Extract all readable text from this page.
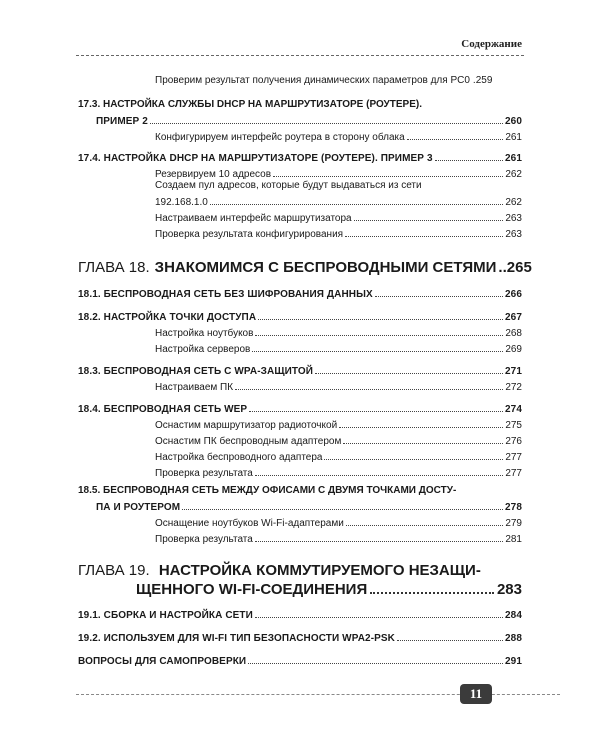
Содержание
Проверим результат получения динамических параметров для PC0 .259
17.3. НАСТРОЙКА СЛУЖБЫ DHCP НА МАРШРУТИЗАТОРЕ (РОУТЕРЕ).
ПРИМЕР 2	260
Конфигурируем интерфейс роутера в сторону облака	261
17.4. НАСТРОЙКА DHCP НА МАРШРУТИЗАТОРЕ (РОУТЕРЕ). ПРИМЕР 3	261
Резервируем 10 адресов	262
Создаем пул адресов, которые будут выдаваться из сети
192.168.1.0	262
Настраиваем интерфейс маршрутизатора	263
Проверка результата конфигурирования	263
ГЛАВА 18. ЗНАКОМИМСЯ С БЕСПРОВОДНЫМИ СЕТЯМИ ..265
18.1. БЕСПРОВОДНАЯ СЕТЬ БЕЗ ШИФРОВАНИЯ ДАННЫХ	266
18.2. НАСТРОЙКА ТОЧКИ ДОСТУПА	267
Настройка ноутбуков	268
Настройка серверов	269
18.3. БЕСПРОВОДНАЯ СЕТЬ С WPA-ЗАЩИТОЙ	271
Настраиваем ПК	272
18.4. БЕСПРОВОДНАЯ СЕТЬ WEP	274
Оснастим маршрутизатор радиоточкой	275
Оснастим ПК беспроводным адаптером	276
Настройка беспроводного адаптера	277
Проверка результата	277
18.5. БЕСПРОВОДНАЯ СЕТЬ МЕЖДУ ОФИСАМИ С ДВУМЯ ТОЧКАМИ ДОСТУ-
ПА И РОУТЕРОМ	278
Оснащение ноутбуков Wi-Fi-адаптерами	279
Проверка результата	281
ГЛАВА 19. НАСТРОЙКА КОММУТИРУЕМОГО НЕЗАЩИ-
ЩЕННОГО WI-FI-СОЕДИНЕНИЯ	283
19.1. СБОРКА И НАСТРОЙКА СЕТИ	284
19.2. ИСПОЛЬЗУЕМ ДЛЯ WI-FI ТИП БЕЗОПАСНОСТИ WPA2-PSK	288
ВОПРОСЫ ДЛЯ САМОПРОВЕРКИ	291
11
